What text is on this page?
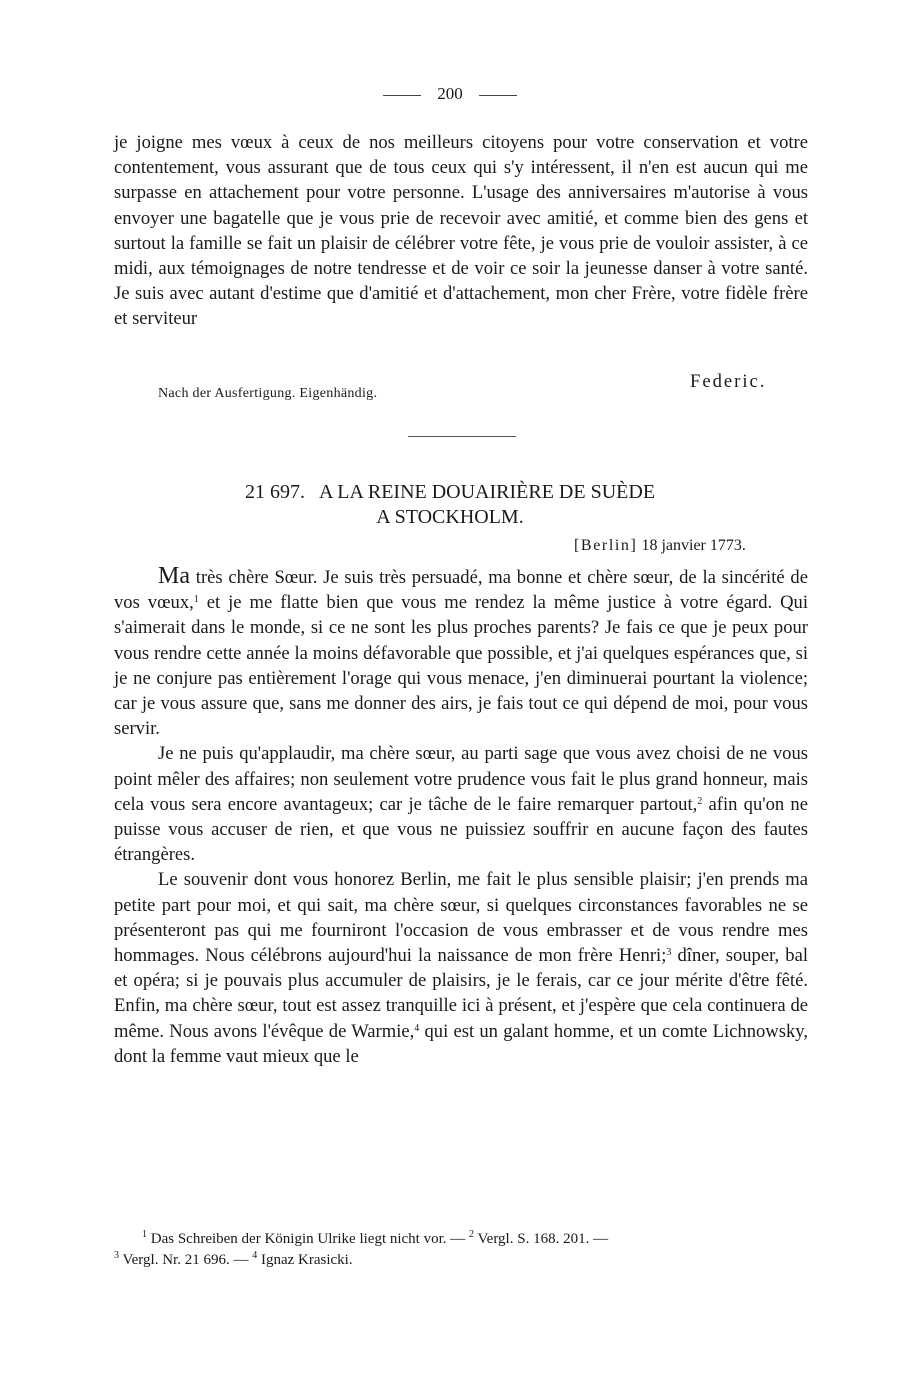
200

je joigne mes vœux à ceux de nos meilleurs citoyens pour votre conservation et votre contentement, vous assurant que de tous ceux qui s'y intéressent, il n'en est aucun qui me surpasse en attachement pour votre personne. L'usage des anniversaires m'autorise à vous envoyer une bagatelle que je vous prie de recevoir avec amitié, et comme bien des gens et surtout la famille se fait un plaisir de célébrer votre fête, je vous prie de vouloir assister, à ce midi, aux témoignages de notre tendresse et de voir ce soir la jeunesse danser à votre santé. Je suis avec autant d'estime que d'amitié et d'attachement, mon cher Frère, votre fidèle frère et serviteur

Federic.
Nach der Ausfertigung. Eigenhändig.
21 697. A LA REINE DOUAIRIÈRE DE SUÈDE
A STOCKHOLM.
[Berlin] 18 janvier 1773.

Ma très chère Sœur. Je suis très persuadé, ma bonne et chère sœur, de la sincérité de vos vœux,$^1$ et je me flatte bien que vous me rendez la même justice à votre égard. Qui s'aimerait dans le monde, si ce ne sont les plus proches parents? Je fais ce que je peux pour vous rendre cette année la moins défavorable que possible, et j'ai quelques espérances que, si je ne conjure pas entièrement l'orage qui vous menace, j'en diminuerai pourtant la violence; car je vous assure que, sans me donner des airs, je fais tout ce qui dépend de moi, pour vous servir.

Je ne puis qu'applaudir, ma chère sœur, au parti sage que vous avez choisi de ne vous point mêler des affaires; non seulement votre prudence vous fait le plus grand honneur, mais cela vous sera encore avantageux; car je tâche de le faire remarquer partout,$^2$ afin qu'on ne puisse vous accuser de rien, et que vous ne puissiez souffrir en aucune façon des fautes étrangères.

Le souvenir dont vous honorez Berlin, me fait le plus sensible plaisir; j'en prends ma petite part pour moi, et qui sait, ma chère sœur, si quelques circonstances favorables ne se présenteront pas qui me fourniront l'occasion de vous embrasser et de vous rendre mes hommages. Nous célébrons aujourd'hui la naissance de mon frère Henri;$^3$ dîner, souper, bal et opéra; si je pouvais plus accumuler de plaisirs, je le ferais, car ce jour mérite d'être fêté. Enfin, ma chère sœur, tout est assez tranquille ici à présent, et j'espère que cela continuera de même. Nous avons l'évêque de Warmie,$^4$ qui est un galant homme, et un comte Lichnowsky, dont la femme vaut mieux que le

$^1$ Das Schreiben der Königin Ulrike liegt nicht vor. — $^2$ Vergl. S. 168. 201. —

$^3$ Vergl. Nr. 21 696. — $^4$ Ignaz Krasicki.
